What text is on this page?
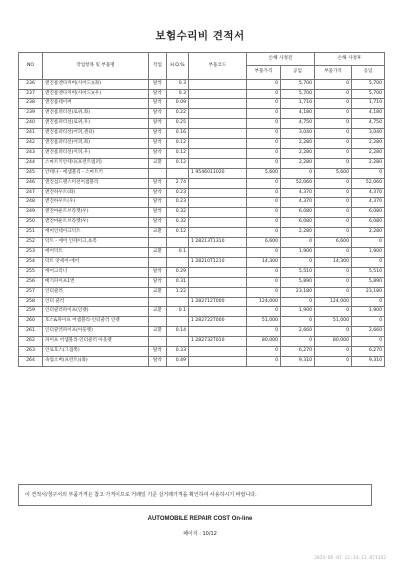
보험수리비 견적서
NO	작업항목 및 부품명	작업	H.Q.%	부품코드	손해 사정전		손해 사정후	
					부품가격	공임	부품가격	공임
236	앤진룸엔다커버(사이드)(좌)	탈착	0.3		0	5,700	0	5,700
237	앤진룸엔다커버(사이드)(우)	탈착	0.3		0	5,700	0	5,700
238	앤진룸테이버	탈착	0.09		0	1,710	0	1,710
239	앤진룸퍼티션(로위,좌)	탈착	0.22		0	4,180	0	4,180
240	앤진룸퍼티션(로위,우)	탈착	0.25		0	4,750	0	4,750
241	앤진룸퍼티션(어퍼,센터)	탈착	0.16		0	3,040	0	3,040
242	앤진룸퍼티션(어퍼,좌)	탈착	0.12		0	2,280	0	2,280
243	앤진룸퍼티션(어퍼,우)	탈착	0.12		0	2,280	0	2,280
244	스마트키안테나(프런트범퍼)	교환	0.12		0	2,280	0	2,280
245	안테나 - 에셈블리 - 스마트키			1 9546011020	5,600	0	5,600	0
246	앤진섬드랜스미션어셈블리	탈착	2.74		0	52,060	0	52,060
247	앤진하우트(좌)	탈착	0.23		0	4,370	0	4,370
248	앤진하우트(우)	탈착	0.23		0	4,370	0	4,370
249	앤진마운트브라켓(우)	탈착	0.32		0	6,080	0	6,080
250	앤진마운트브라켓(우)	탈착	0.32		0	6,080	0	6,080
251	에어인테이크덕트	교환	0.12		0	2,280	0	2,280
252	덕트 - 에어 인테이크,쵸족			1 28213T1310	6,600	0	6,600	0
253	에어덕트	교환	0.1		0	1,900	0	1,900
254	덕트 앗세이-에어			1 28210T1210	14,300	0	14,300	0
255	에어크리너	탈착	0.29		0	5,510	0	5,510
256	배기파이프1번	탈착	0.31		0	5,890	0	5,890
257	인터쿨러	교환	1.22		0	23,180	0	23,180
258	인터 쿨러			1 282712T000	124,000	0	124,000	0
259	인터쿨러파이프(인렛)	교환	0.1		0	1,900	0	1,900
260	호스&파이프 어셈블리-인터쿨러 인렛			1 282722T000	51,000	0	51,000	0
261	인터쿨러파이프(아웃렛)	교환	0.14		0	2,660	0	2,660
262	파이프 어셈블리-인터쿨러 아웃렛			1 282732T010	80,000	0	80,000	0
263	언로호스(그접쪽)	탈착	0.33		0	6,270	0	6,270
264	속업소버(프런트)(좌)	탈착	0.49		0	9,310	0	9,310
이 견적서/청구서의 부품가격은 참고 가격이므로 거래일 기준 실거래가격을 확인하여 사용하시기 바랍니다.
AUTOMOBILE REPAIR COST On-line
페이지 : 10/12
2024-05-07 12:34:12 871152
